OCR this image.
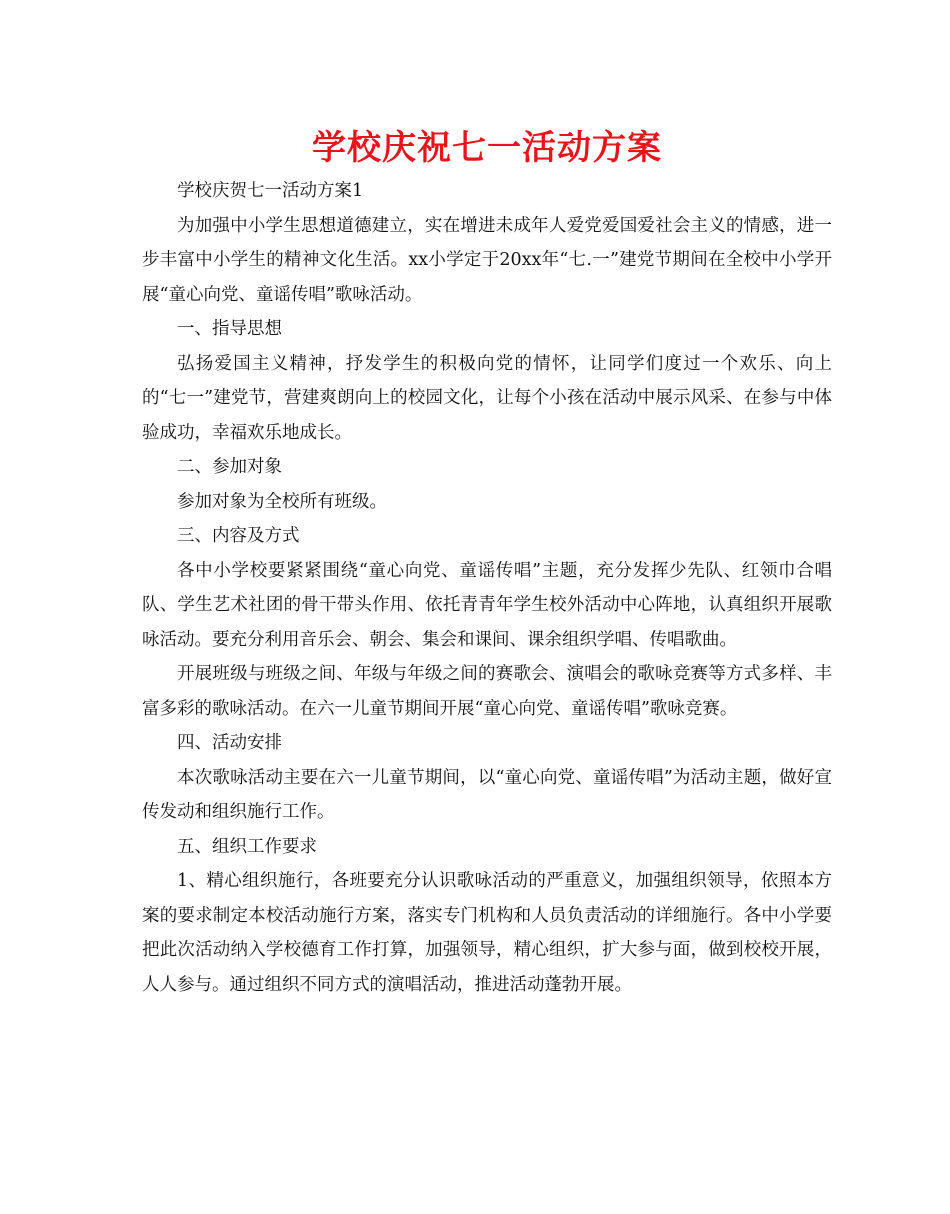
学校庆祝七一活动方案

学校庆贺七一活动方案1

为加强中小学生思想道德建立，实在增进未成年人爱党爱国爱社会主义的情感，进一步丰富中小学生的精神文化生活。xx小学定于20xx年“七.一”建党节期间在全校中小学开展“童心向党、童谣传唱”歌咏活动。

一、指导思想

弘扬爱国主义精神，抒发学生的积极向党的情怀，让同学们度过一个欢乐、向上的“七一”建党节，营建爽朗向上的校园文化，让每个小孩在活动中展示风采、在参与中体验成功，幸福欢乐地成长。

二、参加对象

参加对象为全校所有班级。

三、内容及方式

各中小学校要紧紧围绕“童心向党、童谣传唱”主题，充分发挥少先队、红领巾合唱队、学生艺术社团的骨干带头作用、依托青青年学生校外活动中心阵地，认真组织开展歌咏活动。要充分利用音乐会、朝会、集会和课间、课余组织学唱、传唱歌曲。

开展班级与班级之间、年级与年级之间的赛歌会、演唱会的歌咏竞赛等方式多样、丰富多彩的歌咏活动。在六一儿童节期间开展“童心向党、童谣传唱”歌咏竞赛。

四、活动安排

本次歌咏活动主要在六一儿童节期间，以“童心向党、童谣传唱”为活动主题，做好宣传发动和组织施行工作。

五、组织工作要求

1、精心组织施行，各班要充分认识歌咏活动的严重意义，加强组织领导，依照本方案的要求制定本校活动施行方案，落实专门机构和人员负责活动的详细施行。各中小学要把此次活动纳入学校德育工作打算，加强领导，精心组织，扩大参与面，做到校校开展，人人参与。通过组织不同方式的演唱活动，推进活动蓬勃开展。
